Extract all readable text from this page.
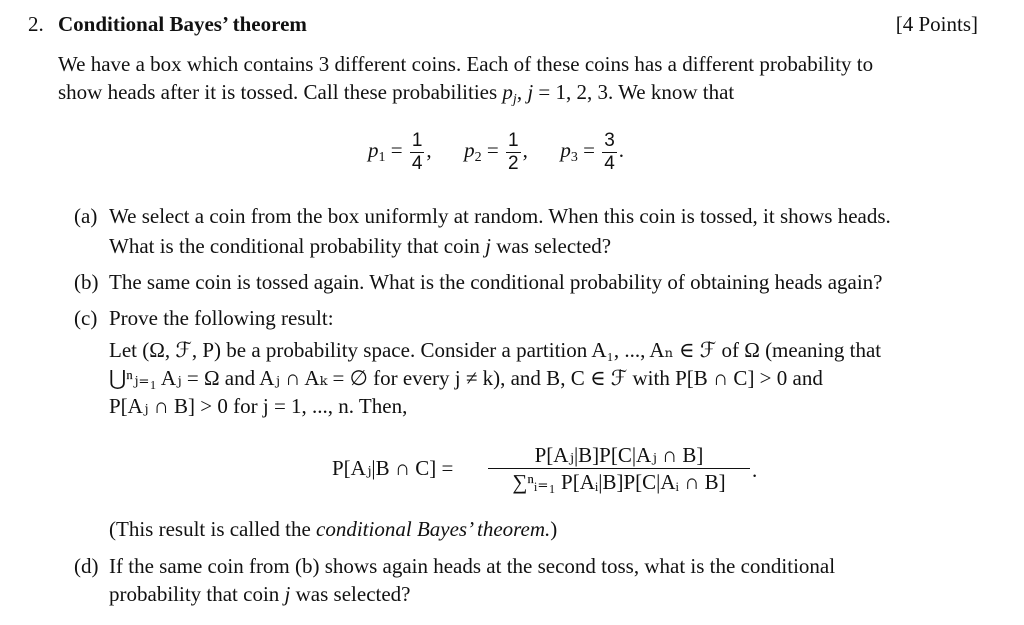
2. Conditional Bayes’ theorem	[4 Points]
We have a box which contains 3 different coins. Each of these coins has a different probability to
show heads after it is tossed. Call these probabilities $p_j$, j = 1, 2, 3. We know that
$p_1 = \frac{1}{4}$ , $p_2 = \frac{1}{2}$ , $p_3 = \frac{3}{4}$ .
(a) We select a coin from the box uniformly at random. When this coin is tossed, it shows heads.
What is the conditional probability that coin j was selected?
(b) The same coin is tossed again. What is the conditional probability of obtaining heads again?
(c) Prove the following result:
Let (Ω, ℱ, P) be a probability space. Consider a partition A₁, ..., Aₙ ∈ ℱ of Ω (meaning that
⋃ⁿⱼ₌₁ Aⱼ = Ω and Aⱼ ∩ Aₖ = ∅ for every j ≠ k), and B, C ∈ ℱ with P[B ∩ C] > 0 and
P[Aⱼ ∩ B] > 0 for j = 1, ..., n. Then,
P[Aⱼ|B ∩ $C] = \frac{\text{P[Aⱼ|B]P[C|Aⱼ ∩ B]}}{\text{∑ⁿᵢ₌₁ P[Aᵢ|B]P[C|Aᵢ ∩ B]}}$ .
(This result is called the conditional Bayes’ theorem.)
(d) If the same coin from (b) shows again heads at the second toss, what is the conditional
probability that coin j was selected?
